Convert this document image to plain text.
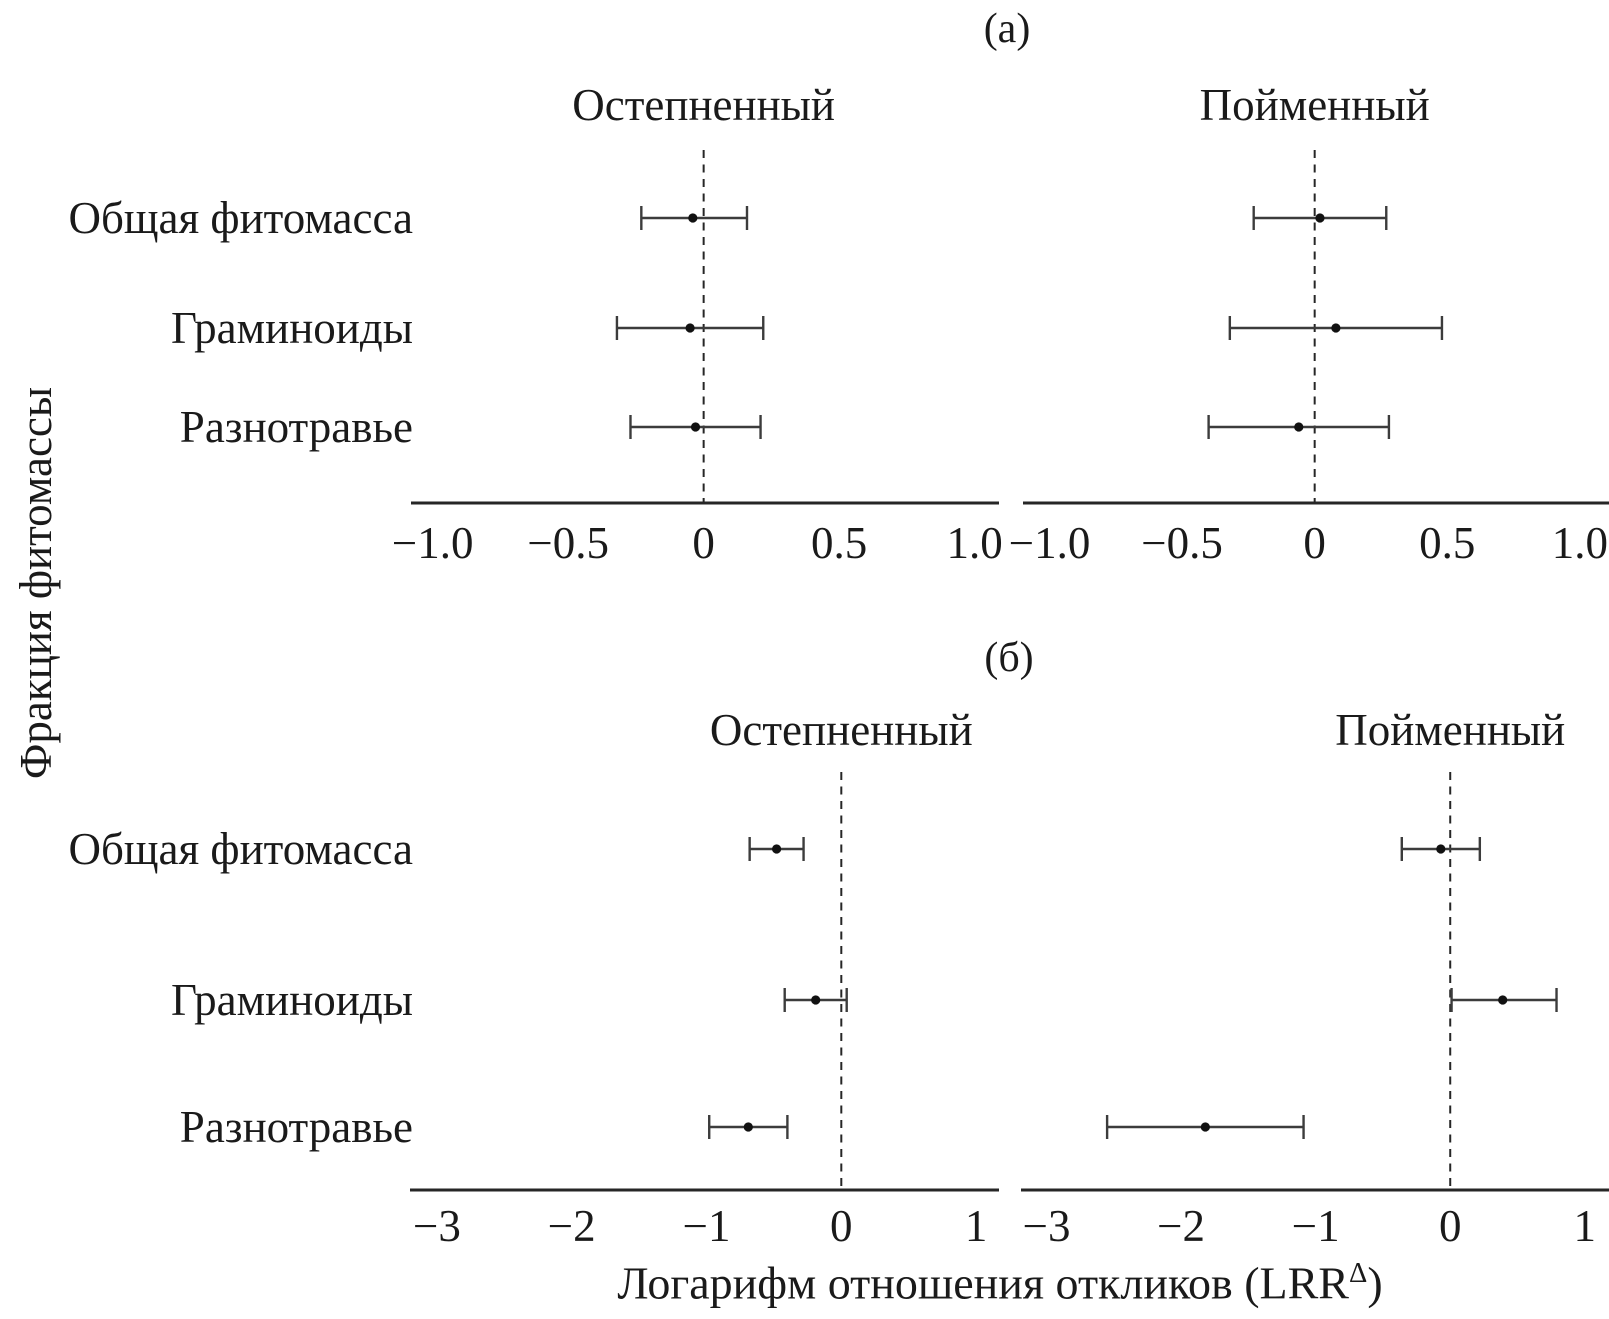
(а)
(б)
Фракция фитомассы
Логарифм отношения откликов $(LRR^\Delta)$
Остепненный
−1.0 −0.5 0 0.5 1.0
Пойменный
−1.0 −0.5 0 0.5 1.0
Общая фитомасса
Граминоиды
Разнотравье
Остепненный
−3 −2 −1 0 1
Пойменный
−3 −2 −1 0 1
Общая фитомасса
Граминоиды
Разнотравье
